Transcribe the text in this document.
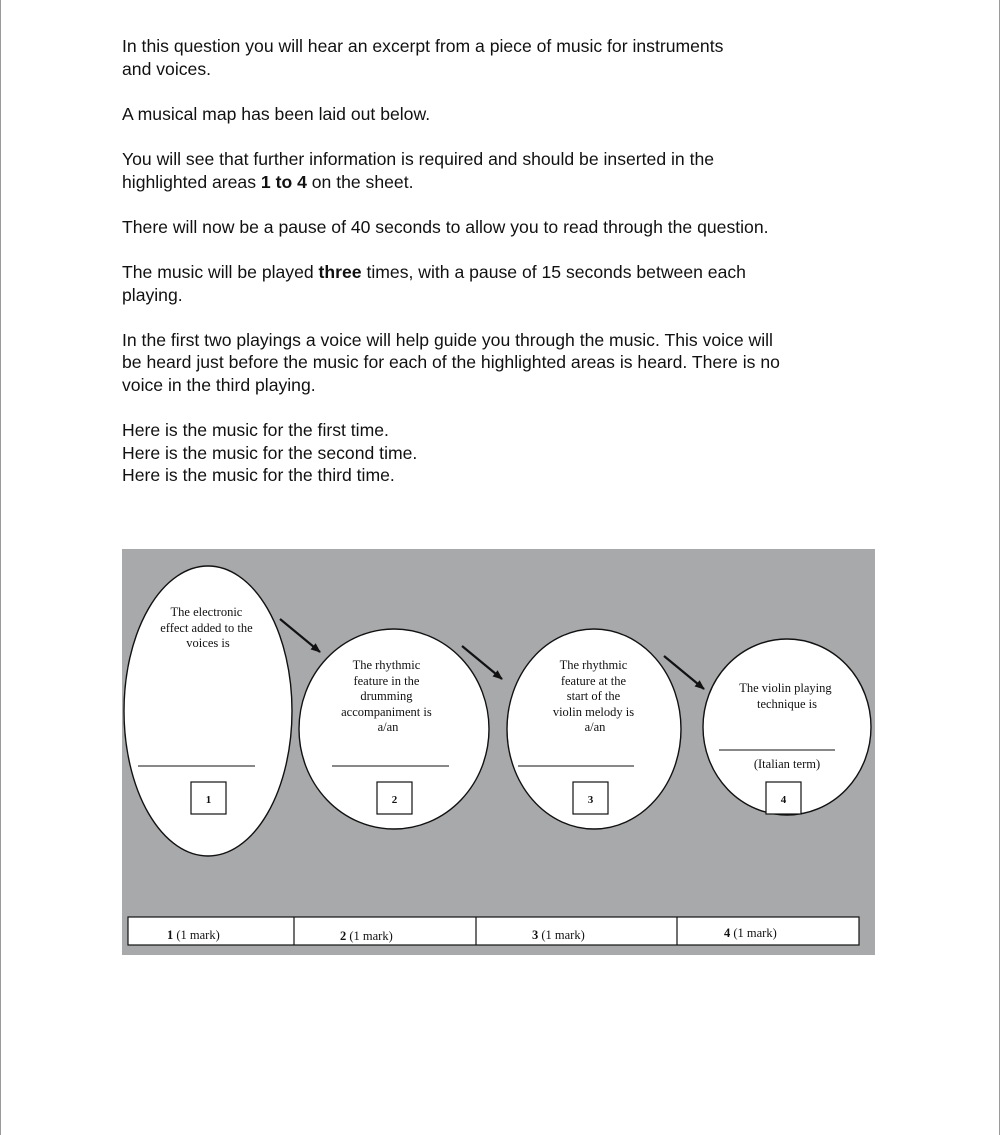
In this question you will hear an excerpt from a piece of music for instruments
and voices.

A musical map has been laid out below.

You will see that further information is required and should be inserted in the
highlighted areas 1 to 4 on the sheet.

There will now be a pause of 40 seconds to allow you to read through the question.

The music will be played three times, with a pause of 15 seconds between each
playing.

In the first two playings a voice will help guide you through the music. This voice will
be heard just before the music for each of the highlighted areas is heard. There is no
voice in the third playing.

Here is the music for the first time.
Here is the music for the second time.
Here is the music for the third time.

The electronic effect added to the voices is
1
The rhythmic feature in the drumming accompaniment is a/an
2
The rhythmic feature at the start of the violin melody is a/an
3
The violin playing technique is
(Italian term)
4
1 (1 mark)	2 (1 mark)	3 (1 mark)	4 (1 mark)
